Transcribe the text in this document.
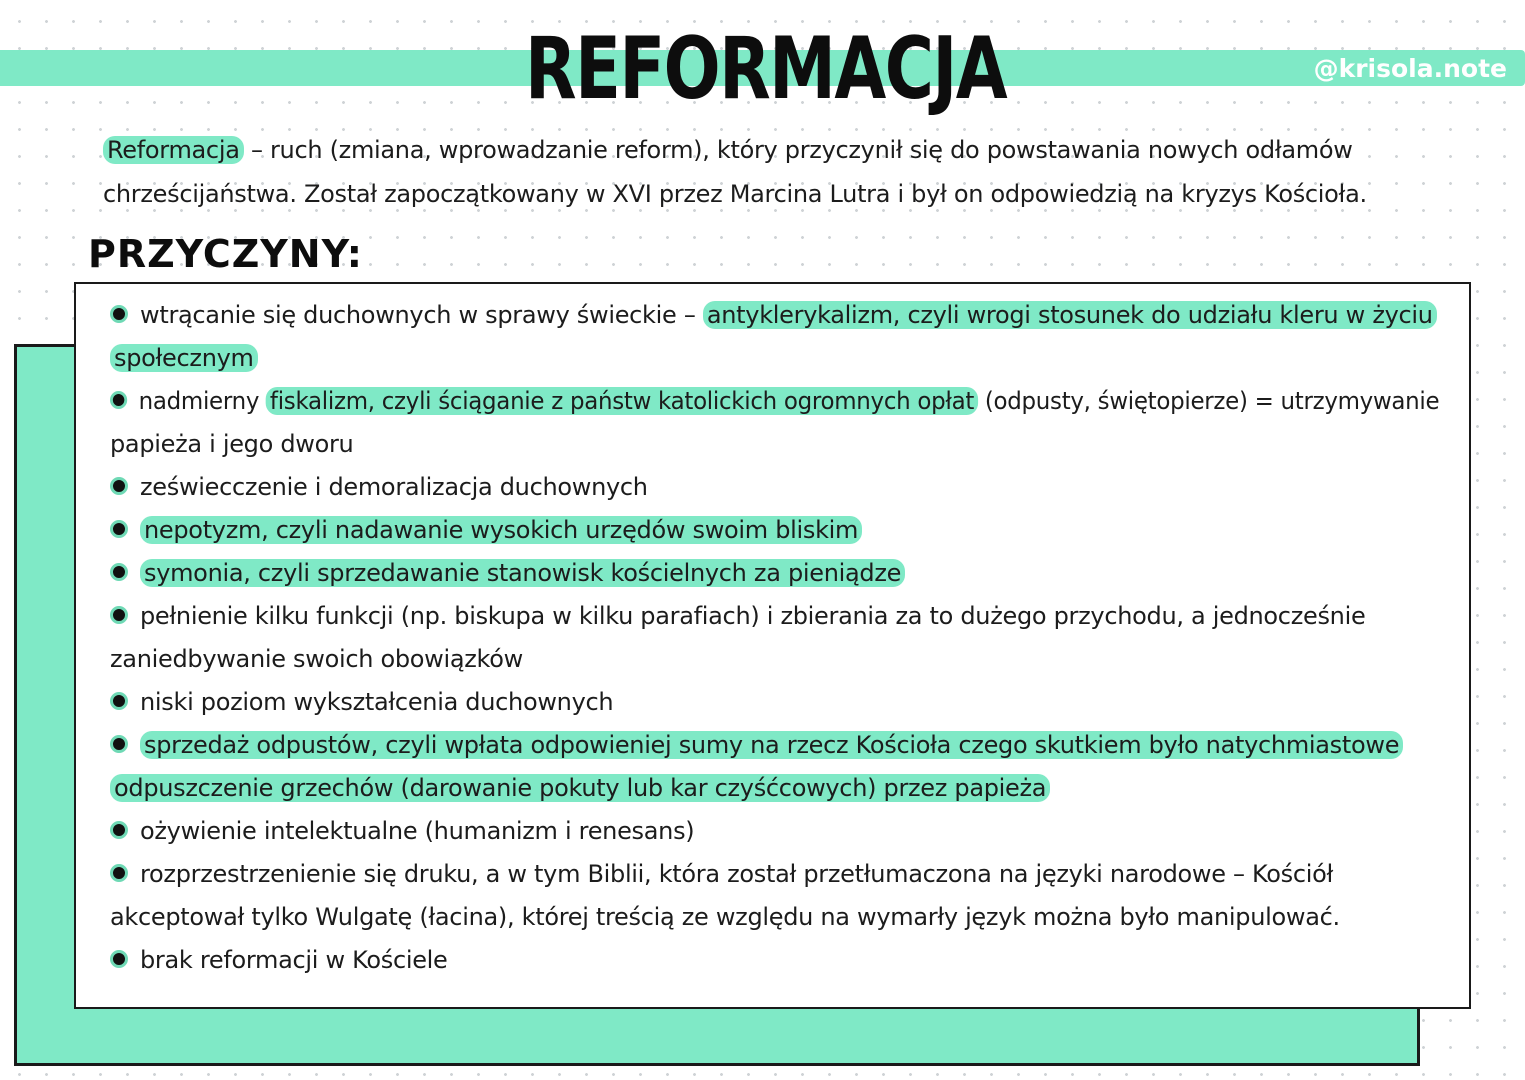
REFORMACJA	@krisola.note
Reformacja – ruch (zmiana, wprowadzanie reform), który przyczynił się do powstawania nowych odłamów
chrześcijaństwa. Został zapoczątkowany w XVI przez Marcina Lutra i był on odpowiedzią na kryzys Kościoła.
PRZYCZYNY:
wtrącanie się duchownych w sprawy świeckie – antyklerykalizm, czyli wrogi stosunek do udziału kleru w życiu
społecznym
nadmierny fiskalizm, czyli ściąganie z państw katolickich ogromnych opłat (odpusty, świętopierze) = utrzymywanie
papieża i jego dworu
zeświecczenie i demoralizacja duchownych
nepotyzm, czyli nadawanie wysokich urzędów swoim bliskim
symonia, czyli sprzedawanie stanowisk kościelnych za pieniądze
pełnienie kilku funkcji (np. biskupa w kilku parafiach) i zbierania za to dużego przychodu, a jednocześnie
zaniedbywanie swoich obowiązków
niski poziom wykształcenia duchownych
sprzedaż odpustów, czyli wpłata odpowieniej sumy na rzecz Kościoła czego skutkiem było natychmiastowe
odpuszczenie grzechów (darowanie pokuty lub kar czyśćcowych) przez papieża
ożywienie intelektualne (humanizm i renesans)
rozprzestrzenienie się druku, a w tym Biblii, która został przetłumaczona na języki narodowe – Kościół
akceptował tylko Wulgatę (łacina), której treścią ze względu na wymarły język można było manipulować.
brak reformacji w Kościele
